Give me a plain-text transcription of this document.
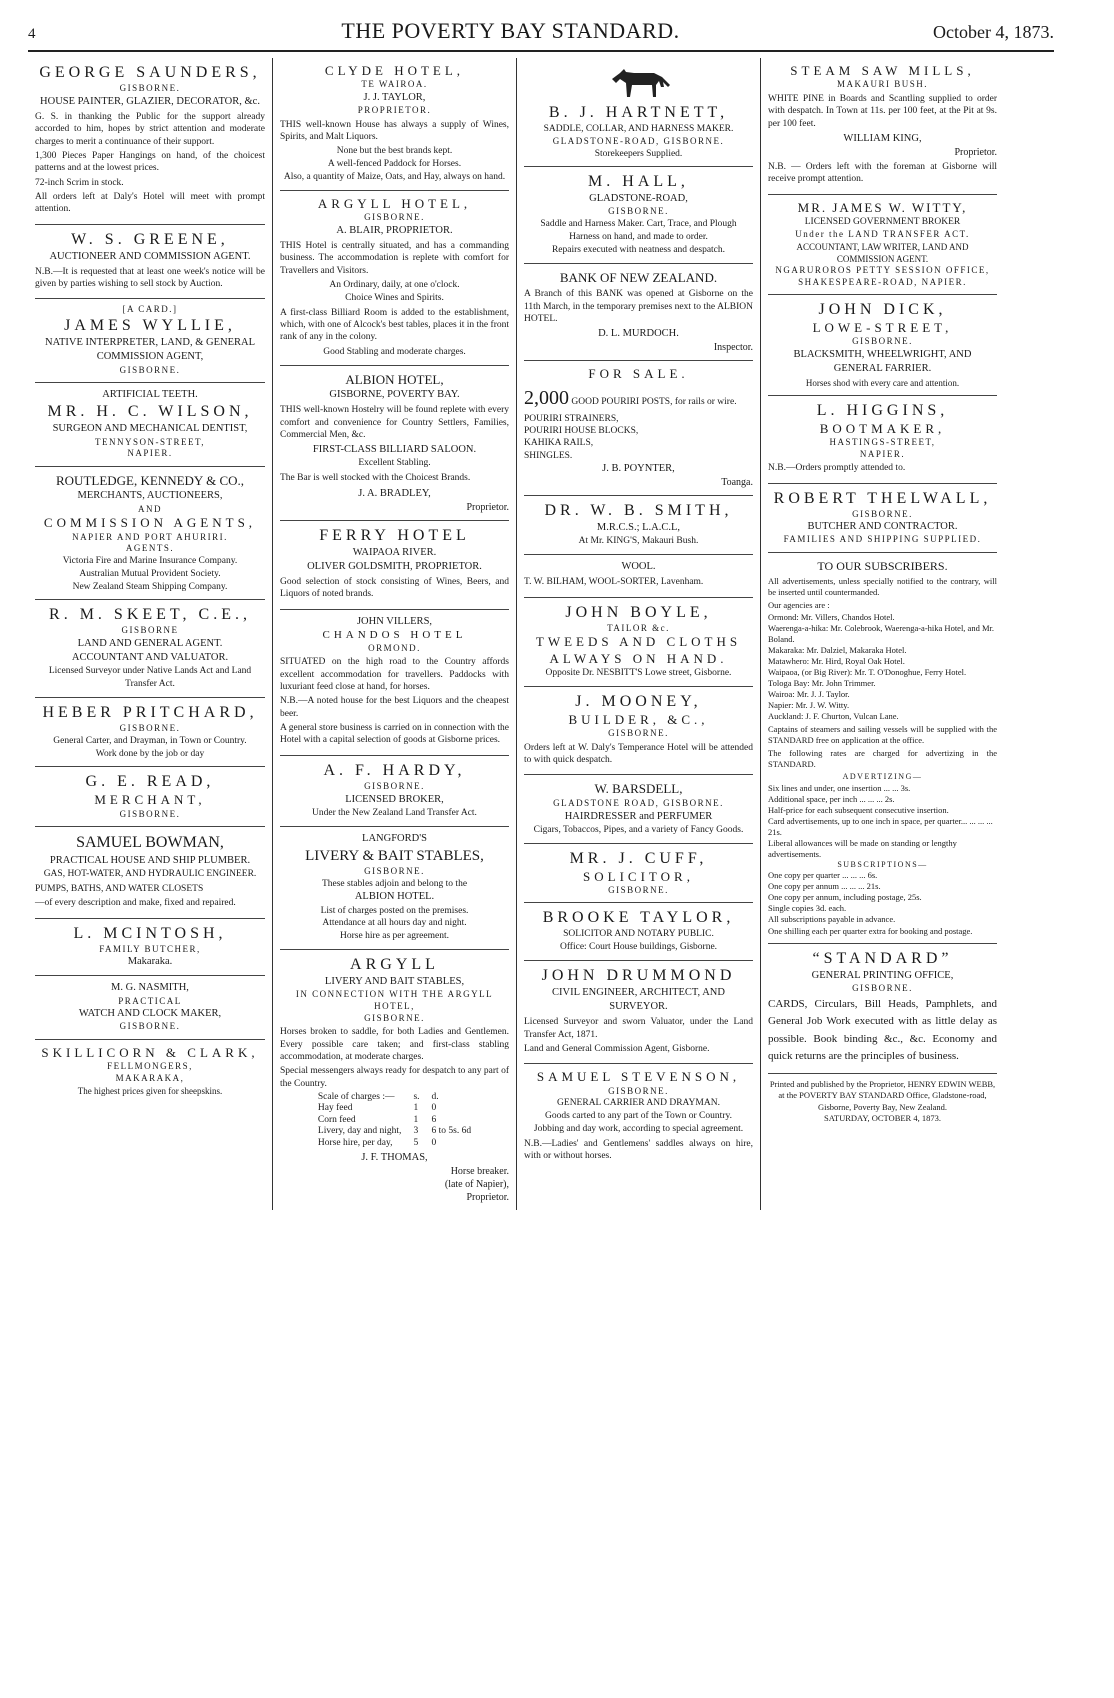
4	THE POVERTY BAY STANDARD.	October 4, 1873.
GEORGE SAUNDERS,
GISBORNE.
HOUSE PAINTER, GLAZIER, DECORATOR, &c.
G. S. in thanking the Public for the support already accorded to him, hopes by strict attention and moderate charges to merit a continuance of their support.
1,300 Pieces Paper Hangings on hand, of the choicest patterns and at the lowest prices.
72-inch Scrim in stock.
All orders left at Daly's Hotel will meet with prompt attention.
W. S. GREENE,
AUCTIONEER AND COMMISSION AGENT.
N.B.—It is requested that at least one week's notice will be given by parties wishing to sell stock by Auction.
[A CARD.]
JAMES WYLLIE,
NATIVE INTERPRETER, LAND, & GENERAL COMMISSION AGENT,
GISBORNE.
ARTIFICIAL TEETH.
MR. H. C. WILSON,
SURGEON AND MECHANICAL DENTIST,
TENNYSON-STREET,
NAPIER.
ROUTLEDGE, KENNEDY & CO.,
MERCHANTS, AUCTIONEERS,
AND
COMMISSION AGENTS,
NAPIER AND PORT AHURIRI.
AGENTS.
Victoria Fire and Marine Insurance Company.
Australian Mutual Provident Society.
New Zealand Steam Shipping Company.
R. M. SKEET, C.E.,
GISBORNE
LAND AND GENERAL AGENT.
ACCOUNTANT AND VALUATOR.
Licensed Surveyor under Native Lands Act and Land Transfer Act.
HEBER PRITCHARD,
GISBORNE.
General Carter, and Drayman, in Town or Country.
Work done by the job or day
G. E. READ,
MERCHANT,
GISBORNE.
SAMUEL BOWMAN,
PRACTICAL HOUSE AND SHIP PLUMBER.
GAS, HOT-WATER, AND HYDRAULIC ENGINEER.
PUMPS, BATHS, AND WATER CLOSETS
—of every description and make, fixed and repaired.
L. MCINTOSH,
FAMILY BUTCHER,
Makaraka.
M. G. NASMITH,
PRACTICAL
WATCH AND CLOCK MAKER,
GISBORNE.
SKILLICORN & CLARK,
FELLMONGERS,
MAKARAKA,
The highest prices given for sheepskins.
CLYDE HOTEL,
TE WAIROA.
J. J. TAYLOR,
PROPRIETOR.
THIS well-known House has always a supply of Wines, Spirits, and Malt Liquors.
None but the best brands kept.
A well-fenced Paddock for Horses.
Also, a quantity of Maize, Oats, and Hay, always on hand.
ARGYLL HOTEL,
GISBORNE.
A. BLAIR, PROPRIETOR.
THIS Hotel is centrally situated, and has a commanding business. The accommodation is replete with comfort for Travellers and Visitors.
An Ordinary, daily, at one o'clock.
Choice Wines and Spirits.
A first-class Billiard Room is added to the establishment, which, with one of Alcock's best tables, places it in the front rank of any in the colony.
Good Stabling and moderate charges.
ALBION HOTEL,
GISBORNE, POVERTY BAY.
THIS well-known Hostelry will be found replete with every comfort and convenience for Country Settlers, Families, Commercial Men, &c.
FIRST-CLASS BILLIARD SALOON.
Excellent Stabling.
The Bar is well stocked with the Choicest Brands.
J. A. BRADLEY,
Proprietor.
FERRY HOTEL
WAIPAOA RIVER.
OLIVER GOLDSMITH, PROPRIETOR.
Good selection of stock consisting of Wines, Beers, and Liquors of noted brands.
JOHN VILLERS,
CHANDOS HOTEL
ORMOND.
SITUATED on the high road to the Country affords excellent accommodation for travellers. Paddocks with luxuriant feed close at hand, for horses.
N.B.—A noted house for the best Liquors and the cheapest beer.
A general store business is carried on in connection with the Hotel with a capital selection of goods at Gisborne prices.
A. F. HARDY,
GISBORNE.
LICENSED BROKER,
Under the New Zealand Land Transfer Act.
LANGFORD'S
LIVERY & BAIT STABLES,
GISBORNE.
These stables adjoin and belong to the
ALBION HOTEL.
List of charges posted on the premises.
Attendance at all hours day and night.
Horse hire as per agreement.
ARGYLL
LIVERY AND BAIT STABLES,
IN CONNECTION WITH THE ARGYLL HOTEL,
GISBORNE.
Horses broken to saddle, for both Ladies and Gentlemen. Every possible care taken; and first-class stabling accommodation, at moderate charges.
Special messengers always ready for despatch to any part of the Country.
Scale of charges :—	s.	d.
Hay feed	1	0
Corn feed	1	6
Livery, day and night,	3	6 to 5s. 6d
Horse hire, per day,	5	0
J. F. THOMAS,
Horse breaker.
(late of Napier),
Proprietor.
B. J. HARTNETT,
SADDLE, COLLAR, AND HARNESS MAKER.
GLADSTONE-ROAD, GISBORNE.
Storekeepers Supplied.
M. HALL,
GLADSTONE-ROAD,
GISBORNE.
Saddle and Harness Maker. Cart, Trace, and Plough Harness on hand, and made to order.
Repairs executed with neatness and despatch.
BANK OF NEW ZEALAND.
A Branch of this BANK was opened at Gisborne on the 11th March, in the temporary premises next to the ALBION HOTEL.
D. L. MURDOCH.
Inspector.
FOR SALE.
2,000 GOOD POURIRI POSTS, for rails or wire.
POURIRI STRAINERS,
POURIRI HOUSE BLOCKS,
KAHIKA RAILS,
SHINGLES.
J. B. POYNTER,
Toanga.
DR. W. B. SMITH,
M.R.C.S.; L.A.C.L,
At Mr. KING'S, Makauri Bush.
WOOL.
T. W. BILHAM, WOOL-SORTER, Lavenham.
JOHN BOYLE,
TAILOR &c.
TWEEDS AND CLOTHS ALWAYS ON HAND.
Opposite Dr. NESBITT'S Lowe street, Gisborne.
J. MOONEY,
BUILDER, &C.,
GISBORNE.
Orders left at W. Daly's Temperance Hotel will be attended to with quick despatch.
W. BARSDELL,
GLADSTONE ROAD, GISBORNE.
HAIRDRESSER and PERFUMER
Cigars, Tobaccos, Pipes, and a variety of Fancy Goods.
MR. J. CUFF,
SOLICITOR,
GISBORNE.
BROOKE TAYLOR,
SOLICITOR AND NOTARY PUBLIC.
Office: Court House buildings, Gisborne.
JOHN DRUMMOND
CIVIL ENGINEER, ARCHITECT, AND SURVEYOR.
Licensed Surveyor and sworn Valuator, under the Land Transfer Act, 1871.
Land and General Commission Agent, Gisborne.
SAMUEL STEVENSON,
GISBORNE.
GENERAL CARRIER AND DRAYMAN.
Goods carted to any part of the Town or Country.
Jobbing and day work, according to special agreement.
N.B.—Ladies' and Gentlemens' saddles always on hire, with or without horses.
STEAM SAW MILLS,
MAKAURI BUSH.
WHITE PINE in Boards and Scantling supplied to order with despatch. In Town at 11s. per 100 feet, at the Pit at 9s. per 100 feet.
WILLIAM KING,
Proprietor.
N.B. — Orders left with the foreman at Gisborne will receive prompt attention.
MR. JAMES W. WITTY,
LICENSED GOVERNMENT BROKER
Under the LAND TRANSFER ACT.
ACCOUNTANT, LAW WRITER, LAND AND COMMISSION AGENT.
NGARUROROS PETTY SESSION OFFICE,
SHAKESPEARE-ROAD, NAPIER.
JOHN DICK,
LOWE-STREET,
GISBORNE.
BLACKSMITH, WHEELWRIGHT, AND GENERAL FARRIER.
Horses shod with every care and attention.
L. HIGGINS,
BOOTMAKER,
HASTINGS-STREET,
NAPIER.
N.B.—Orders promptly attended to.
ROBERT THELWALL,
GISBORNE.
BUTCHER AND CONTRACTOR.
FAMILIES AND SHIPPING SUPPLIED.
TO OUR SUBSCRIBERS.
All advertisements, unless specially notified to the contrary, will be inserted until countermanded.
Our agencies are :
Ormond: Mr. Villers, Chandos Hotel.
Waerenga-a-hika: Mr. Colebrook, Waerenga-a-hika Hotel, and Mr. Boland.
Makaraka: Mr. Dalziel, Makaraka Hotel.
Matawhero: Mr. Hird, Royal Oak Hotel.
Waipaoa, (or Big River): Mr. T. O'Donoghue, Ferry Hotel.
Tologa Bay: Mr. John Trimmer.
Wairoa: Mr. J. J. Taylor.
Napier: Mr. J. W. Witty.
Auckland: J. F. Churton, Vulcan Lane.
Captains of steamers and sailing vessels will be supplied with the STANDARD free on application at the office.
The following rates are charged for advertizing in the STANDARD.
ADVERTIZING—
Six lines and under, one insertion ... ... 3s.
Additional space, per inch ... ... ... 2s.
Half-price for each subsequent consecutive insertion.
Card advertisements, up to one inch in space, per quarter... ... ... ... 21s.
Liberal allowances will be made on standing or lengthy advertisements.
SUBSCRIPTIONS—
One copy per quarter ... ... ... 6s.
One copy per annum ... ... ... 21s.
One copy per annum, including postage, 25s.
Single copies 3d. each.
All subscriptions payable in advance.
One shilling each per quarter extra for booking and postage.
“STANDARD”
GENERAL PRINTING OFFICE,
GISBORNE.
CARDS, Circulars, Bill Heads, Pamphlets, and General Job Work executed with as little delay as possible. Book binding &c., &c. Economy and quick returns are the principles of business.
Printed and published by the Proprietor, HENRY EDWIN WEBB, at the POVERTY BAY STANDARD Office, Gladstone-road, Gisborne, Poverty Bay, New Zealand.
SATURDAY, OCTOBER 4, 1873.
